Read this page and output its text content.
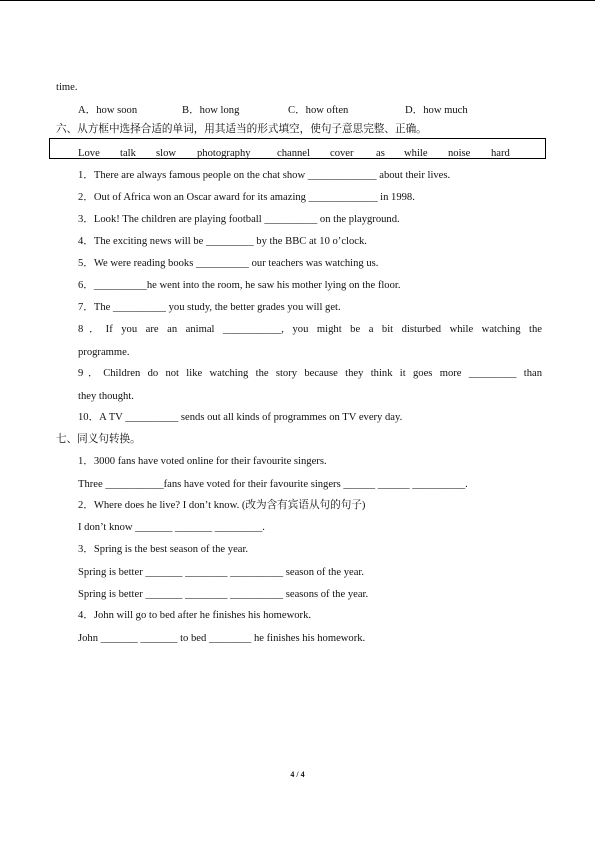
time.
A．how soon	B．how long	C．how often	D．how much
六、从方框中选择合适的单词，用其适当的形式填空，使句子意思完整、正确。
Love talk slow photography channel cover as while noise hard
1．There are always famous people on the chat show _____________ about their lives.
2．Out of Africa won an Oscar award for its amazing _____________ in 1998.
3．Look! The children are playing football __________ on the playground.
4．The exciting news will be _________ by the BBC at 10 o’clock.
5．We were reading books __________ our teachers was watching us.
6．__________he went into the room, he saw his mother lying on the floor.
7．The __________ you study, the better grades you will get.
8．If you are an animal ___________, you might be a bit disturbed while watching the
programme.
9．Children do not like watching the story because they think it goes more _________ than
they thought.
10．A TV __________ sends out all kinds of programmes on TV every day.
七、同义句转换。
1．3000 fans have voted online for their favourite singers.
Three ___________fans have voted for their favourite singers ______ ______ __________.
2．Where does he live? I don’t know. (改为含有宾语从句的句子)
I don’t know _______ _______ _________.
3．Spring is the best season of the year.
Spring is better _______ ________ __________ season of the year.
Spring is better _______ ________ __________ seasons of the year.
4．John will go to bed after he finishes his homework.
John _______ _______ to bed ________ he finishes his homework.
4 / 4
